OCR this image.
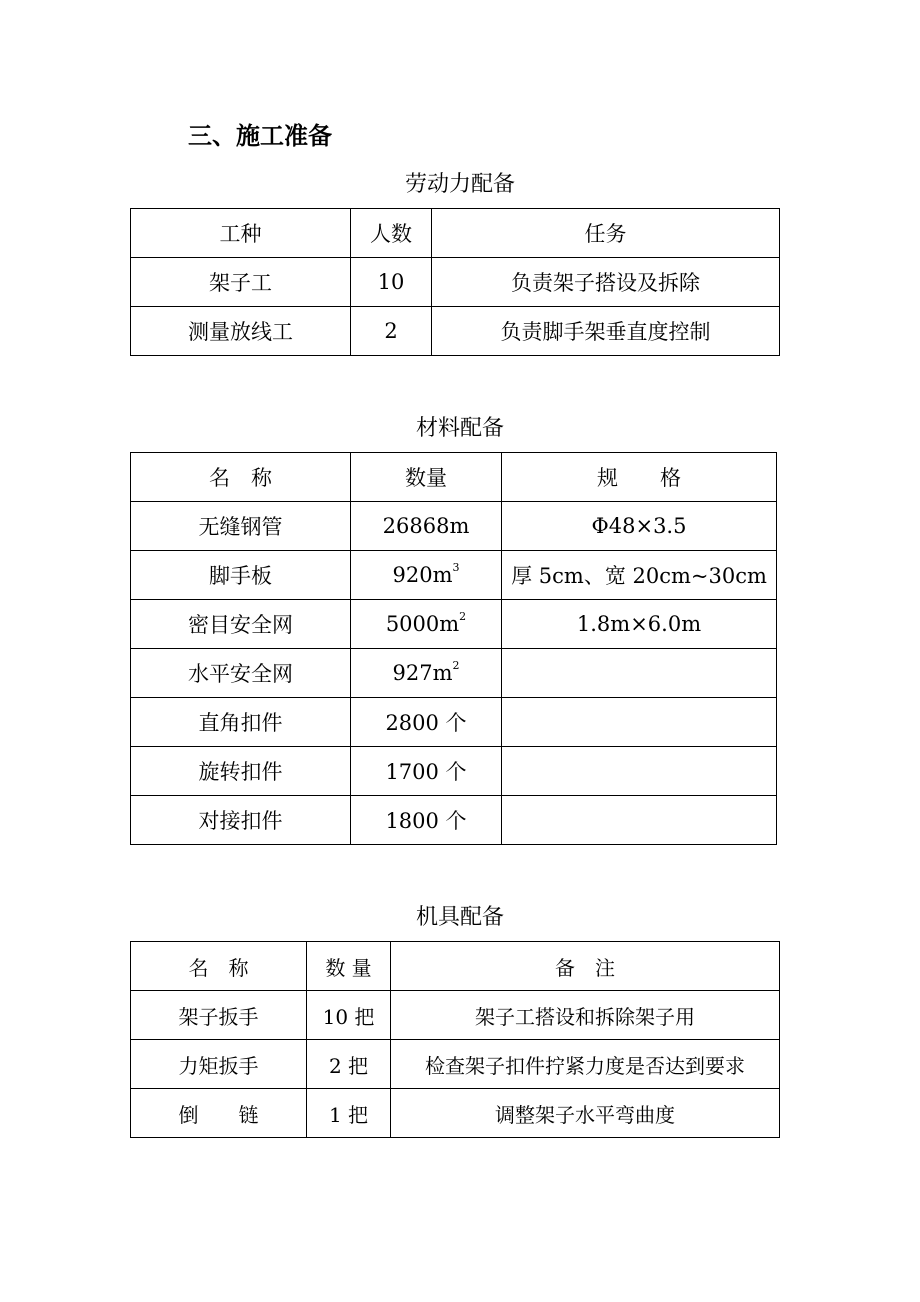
三、施工准备
劳动力配备
工种	人数	任务
架子工	10	负责架子搭设及拆除
测量放线工	2	负责脚手架垂直度控制
材料配备
名　称	数量	规　　格
无缝钢管	26868m	Φ48×3.5
脚手板	$920m^3$	厚 5cm、宽 20cm~30cm
密目安全网	$5000m^2$	1.8m×6.0m
水平安全网	$927m^2$	
直角扣件	2800 个	
旋转扣件	1700 个	
对接扣件	1800 个	
机具配备
名　称	数 量	备　注
架子扳手	10 把	架子工搭设和拆除架子用
力矩扳手	2 把	检查架子扣件拧紧力度是否达到要求
倒　　链	1 把	调整架子水平弯曲度
